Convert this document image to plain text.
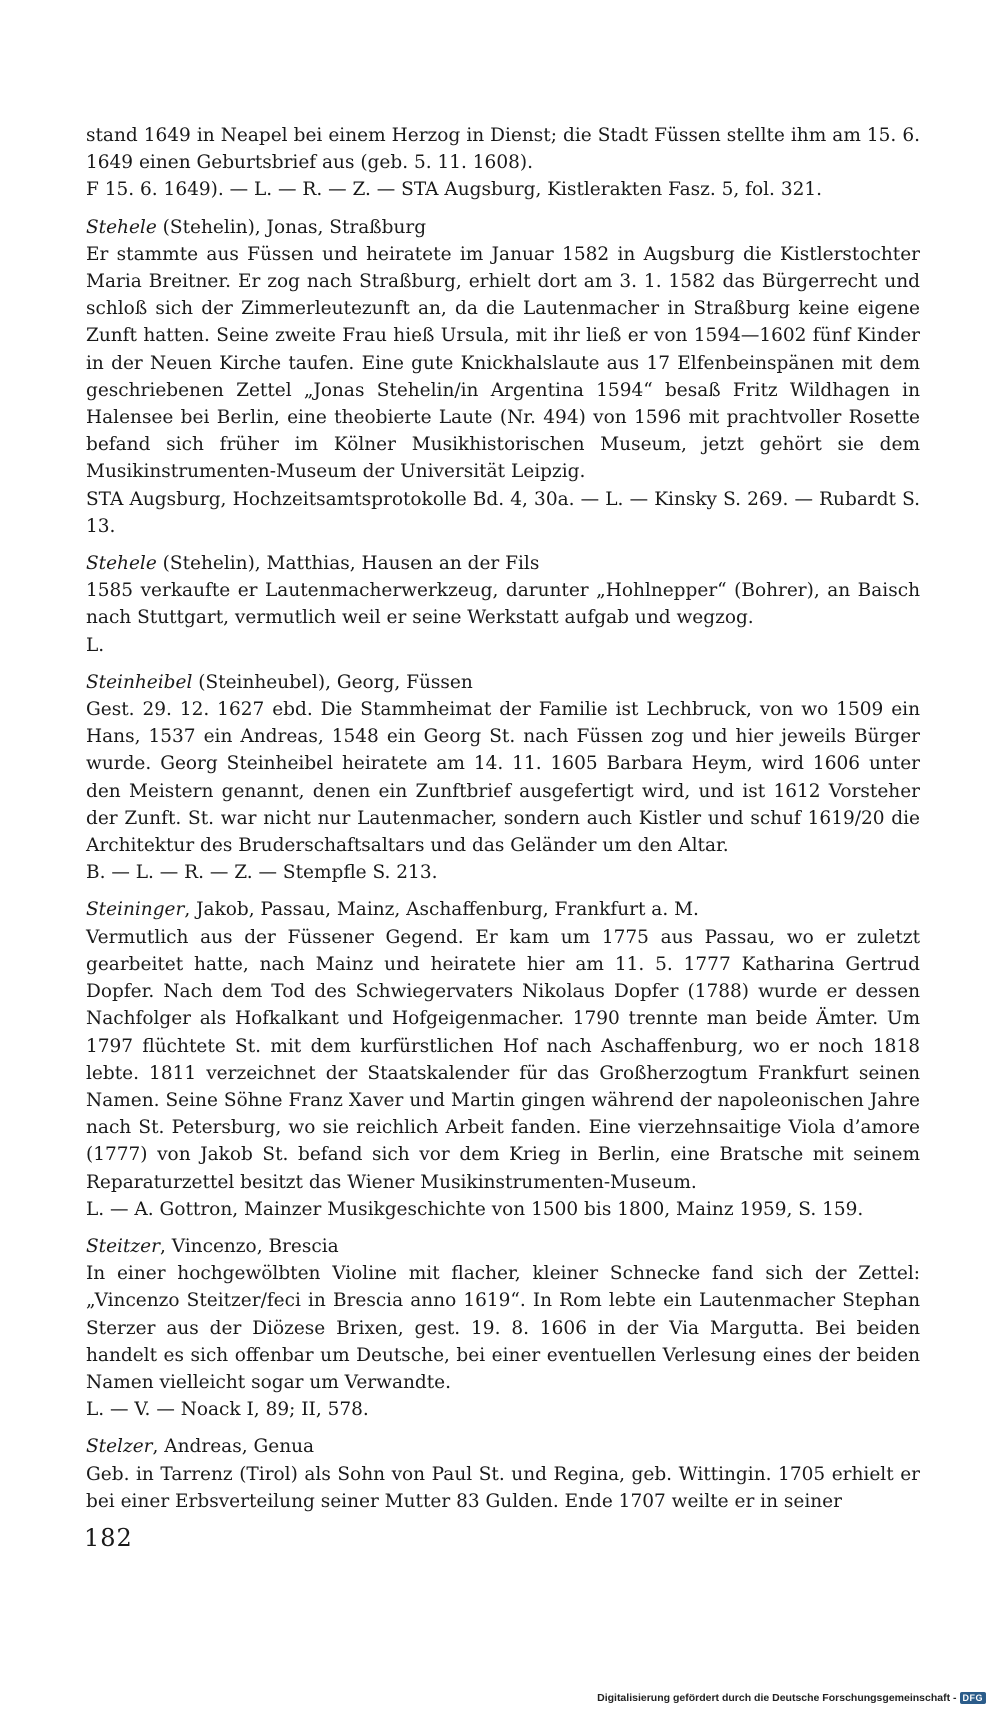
stand 1649 in Neapel bei einem Herzog in Dienst; die Stadt Füssen stellte ihm am 15. 6. 1649 einen Geburtsbrief aus (geb. 5. 11. 1608).

F 15. 6. 1649). — L. — R. — Z. — STA Augsburg, Kistlerakten Fasz. 5, fol. 321.

Stehele (Stehelin), Jonas, Straßburg

Er stammte aus Füssen und heiratete im Januar 1582 in Augsburg die Kistlerstochter Maria Breitner. Er zog nach Straßburg, erhielt dort am 3. 1. 1582 das Bürgerrecht und schloß sich der Zimmerleutezunft an, da die Lautenmacher in Straßburg keine eigene Zunft hatten. Seine zweite Frau hieß Ursula, mit ihr ließ er von 1594—1602 fünf Kinder in der Neuen Kirche taufen. Eine gute Knickhalslaute aus 17 Elfenbeinspänen mit dem geschriebenen Zettel „Jonas Stehelin/in Argentina 1594“ besaß Fritz Wildhagen in Halensee bei Berlin, eine theobierte Laute (Nr. 494) von 1596 mit prachtvoller Rosette befand sich früher im Kölner Musikhistorischen Museum, jetzt gehört sie dem Musikinstrumenten-Museum der Universität Leipzig.

STA Augsburg, Hochzeitsamtsprotokolle Bd. 4, 30a. — L. — Kinsky S. 269. — Rubardt S. 13.

Stehele (Stehelin), Matthias, Hausen an der Fils

1585 verkaufte er Lautenmacherwerkzeug, darunter „Hohlnepper“ (Bohrer), an Baisch nach Stuttgart, vermutlich weil er seine Werkstatt aufgab und wegzog.

L.

Steinheibel (Steinheubel), Georg, Füssen

Gest. 29. 12. 1627 ebd. Die Stammheimat der Familie ist Lechbruck, von wo 1509 ein Hans, 1537 ein Andreas, 1548 ein Georg St. nach Füssen zog und hier jeweils Bürger wurde. Georg Steinheibel heiratete am 14. 11. 1605 Barbara Heym, wird 1606 unter den Meistern genannt, denen ein Zunftbrief ausgefertigt wird, und ist 1612 Vorsteher der Zunft. St. war nicht nur Lautenmacher, sondern auch Kistler und schuf 1619/20 die Architektur des Bruderschaftsaltars und das Geländer um den Altar.

B. — L. — R. — Z. — Stempfle S. 213.

Steininger, Jakob, Passau, Mainz, Aschaffenburg, Frankfurt a. M.

Vermutlich aus der Füssener Gegend. Er kam um 1775 aus Passau, wo er zuletzt gearbeitet hatte, nach Mainz und heiratete hier am 11. 5. 1777 Katharina Gertrud Dopfer. Nach dem Tod des Schwiegervaters Nikolaus Dopfer (1788) wurde er dessen Nachfolger als Hofkalkant und Hofgeigenmacher. 1790 trennte man beide Ämter. Um 1797 flüchtete St. mit dem kurfürstlichen Hof nach Aschaffenburg, wo er noch 1818 lebte. 1811 verzeichnet der Staatskalender für das Großherzogtum Frankfurt seinen Namen. Seine Söhne Franz Xaver und Martin gingen während der napoleonischen Jahre nach St. Petersburg, wo sie reichlich Arbeit fanden. Eine vierzehnsaitige Viola d’amore (1777) von Jakob St. befand sich vor dem Krieg in Berlin, eine Bratsche mit seinem Reparaturzettel besitzt das Wiener Musikinstrumenten-Museum.

L. — A. Gottron, Mainzer Musikgeschichte von 1500 bis 1800, Mainz 1959, S. 159.

Steitzer, Vincenzo, Brescia

In einer hochgewölbten Violine mit flacher, kleiner Schnecke fand sich der Zettel: „Vincenzo Steitzer/feci in Brescia anno 1619“. In Rom lebte ein Lautenmacher Stephan Sterzer aus der Diözese Brixen, gest. 19. 8. 1606 in der Via Margutta. Bei beiden handelt es sich offenbar um Deutsche, bei einer eventuellen Verlesung eines der beiden Namen vielleicht sogar um Verwandte.

L. — V. — Noack I, 89; II, 578.

Stelzer, Andreas, Genua

Geb. in Tarrenz (Tirol) als Sohn von Paul St. und Regina, geb. Wittingin. 1705 erhielt er bei einer Erbsverteilung seiner Mutter 83 Gulden. Ende 1707 weilte er in seiner

182
Digitalisierung gefördert durch die Deutsche Forschungsgemeinschaft - DFG
